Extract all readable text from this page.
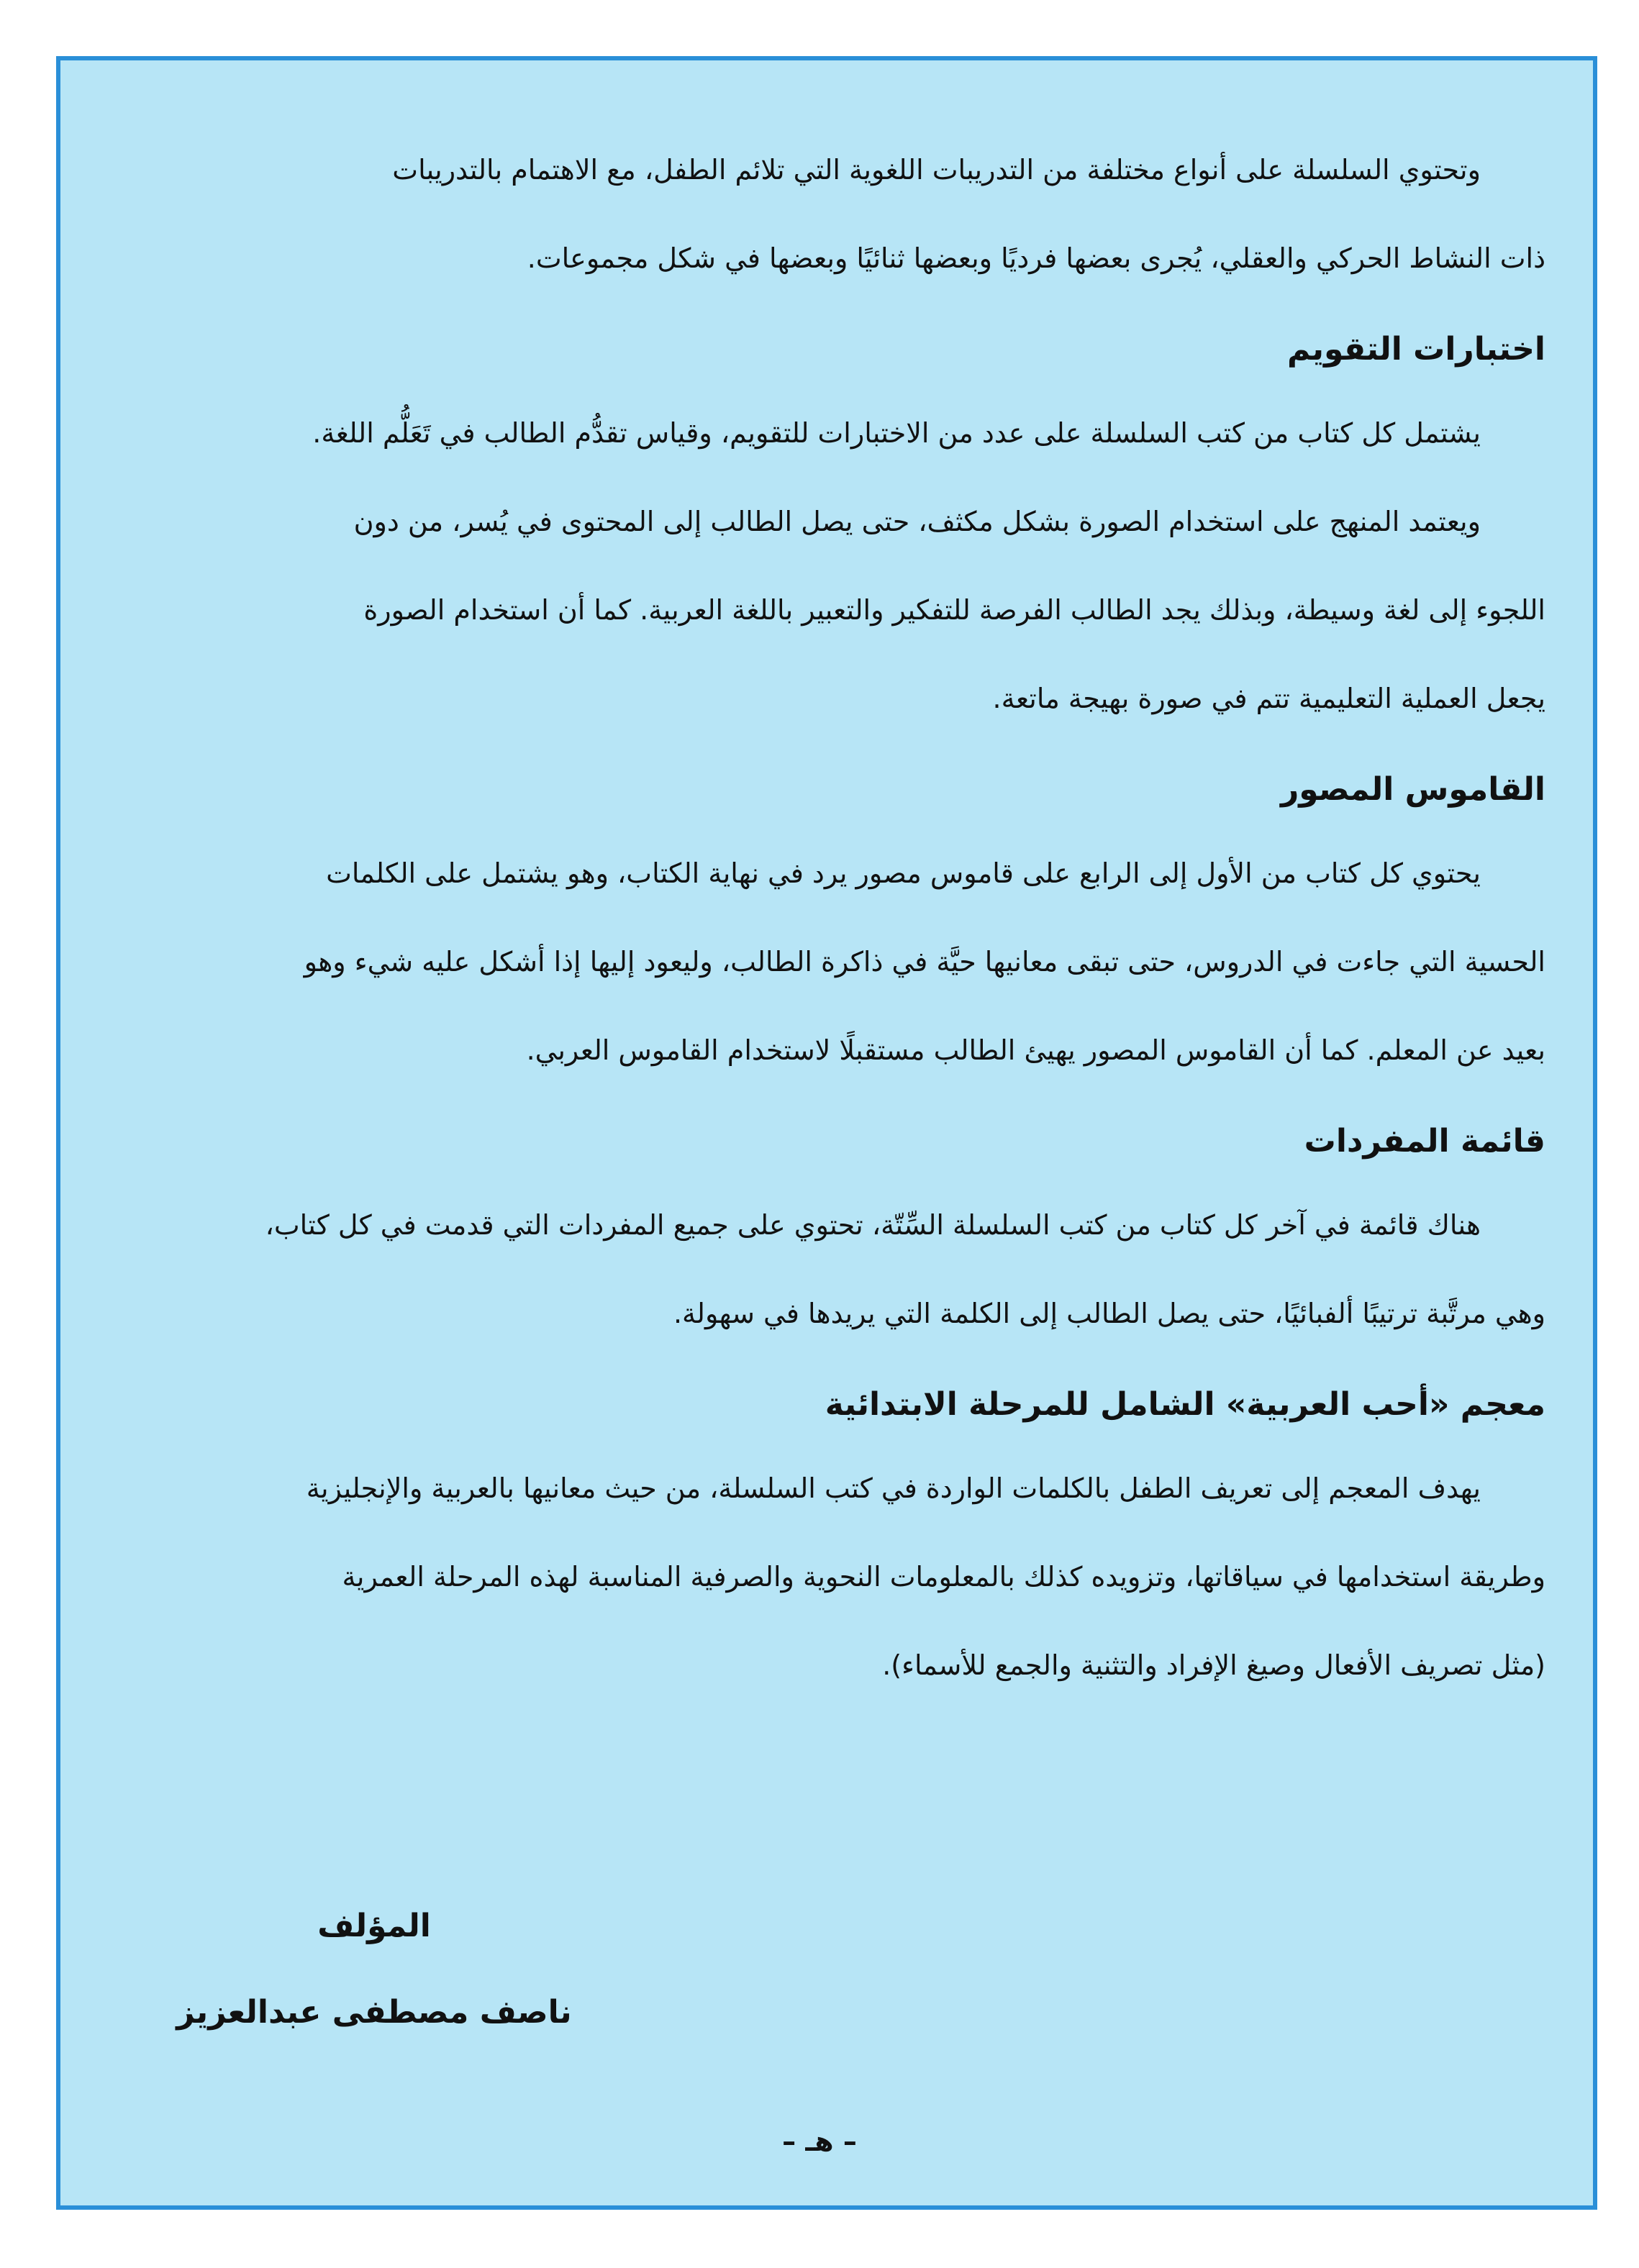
وتحتوي السلسلة على أنواع مختلفة من التدريبات اللغوية التي تلائم الطفل، مع الاهتمام بالتدريبات
ذات النشاط الحركي والعقلي، يُجرى بعضها فرديًا وبعضها ثنائيًا وبعضها في شكل مجموعات.

اختبارات التقويم

يشتمل كل كتاب من كتب السلسلة على عدد من الاختبارات للتقويم، وقياس تقدُّم الطالب في تَعَلُّم اللغة.

ويعتمد المنهج على استخدام الصورة بشكل مكثف، حتى يصل الطالب إلى المحتوى في يُسر، من دون
اللجوء إلى لغة وسيطة، وبذلك يجد الطالب الفرصة للتفكير والتعبير باللغة العربية. كما أن استخدام الصورة
يجعل العملية التعليمية تتم في صورة بهيجة ماتعة.

القاموس المصور

يحتوي كل كتاب من الأول إلى الرابع على قاموس مصور يرد في نهاية الكتاب، وهو يشتمل على الكلمات
الحسية التي جاءت في الدروس، حتى تبقى معانيها حيَّة في ذاكرة الطالب، وليعود إليها إذا أشكل عليه شيء وهو
بعيد عن المعلم. كما أن القاموس المصور يهيئ الطالب مستقبلًا لاستخدام القاموس العربي.

قائمة المفردات

هناك قائمة في آخر كل كتاب من كتب السلسلة السِّتّة، تحتوي على جميع المفردات التي قدمت في كل كتاب،
وهي مرتَّبة ترتيبًا ألفبائيًا، حتى يصل الطالب إلى الكلمة التي يريدها في سهولة.

معجم «أحب العربية» الشامل للمرحلة الابتدائية

يهدف المعجم إلى تعريف الطفل بالكلمات الواردة في كتب السلسلة، من حيث معانيها بالعربية والإنجليزية
وطريقة استخدامها في سياقاتها، وتزويده كذلك بالمعلومات النحوية والصرفية المناسبة لهذه المرحلة العمرية
(مثل تصريف الأفعال وصيغ الإفراد والتثنية والجمع للأسماء).

المؤلف
ناصف مصطفى عبدالعزيز
– هـ –
